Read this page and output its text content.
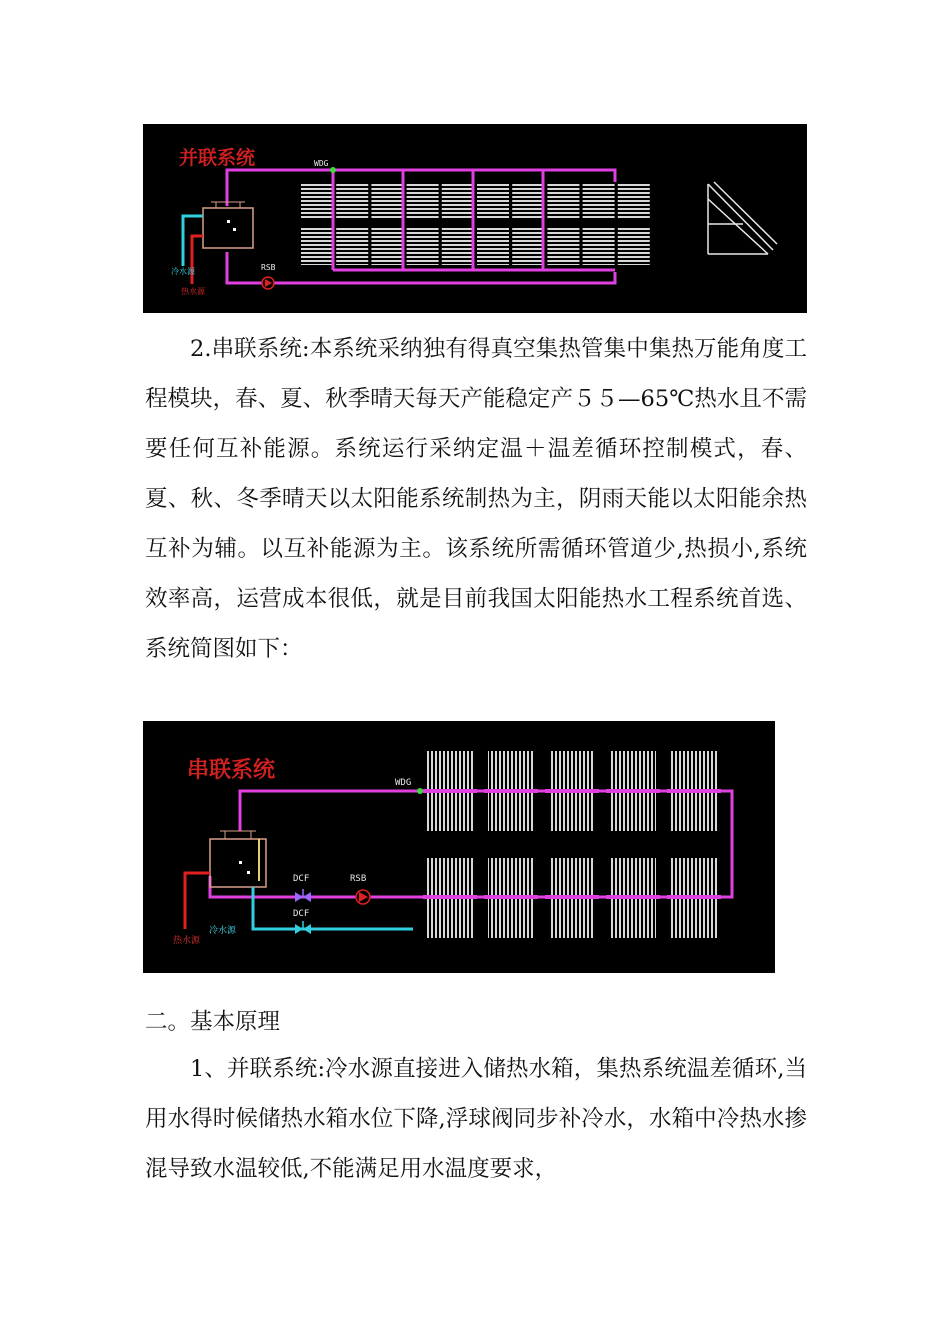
并联系统	WDG
冷水源
热水源
RSB

2.串联系统:本系统采纳独有得真空集热管集中集热万能角度工程模块，春、夏、秋季晴天每天产能稳定产５５—65℃热水且不需要任何互补能源。系统运行采纳定温＋温差循环控制模式，春、夏、秋、冬季晴天以太阳能系统制热为主，阴雨天能以太阳能余热互补为辅。以互补能源为主。该系统所需循环管道少,热损小,系统效率高，运营成本很低，就是目前我国太阳能热水工程系统首选、 系统简图如下：

串联系统	WDG
热水源
冷水源
DCF
DCF
RSB

二。基本原理

1、并联系统:冷水源直接进入储热水箱，集热系统温差循环,当用水得时候储热水箱水位下降,浮球阀同步补冷水，水箱中冷热水掺混导致水温较低,不能满足用水温度要求，
